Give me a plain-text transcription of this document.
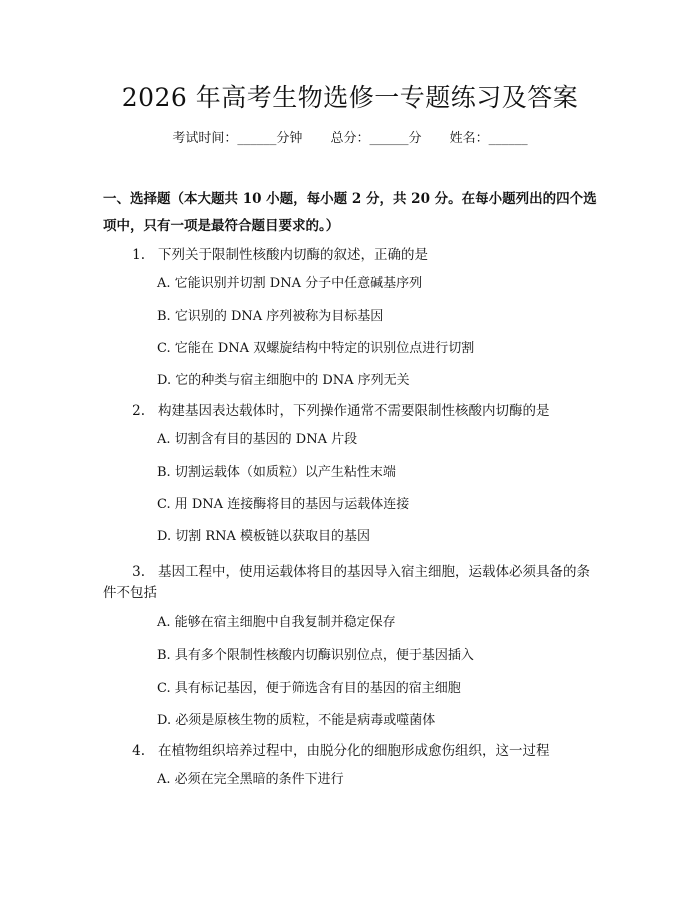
2026 年高考生物选修一专题练习及答案
考试时间：______分钟 总分：______分 姓名：______
一、选择题（本大题共 10 小题，每小题 2 分，共 20 分。在每小题列出的四个选项中，只有一项是最符合题目要求的。）
1. 下列关于限制性核酸内切酶的叙述，正确的是
A. 它能识别并切割 DNA 分子中任意碱基序列
B. 它识别的 DNA 序列被称为目标基因
C. 它能在 DNA 双螺旋结构中特定的识别位点进行切割
D. 它的种类与宿主细胞中的 DNA 序列无关
2. 构建基因表达载体时，下列操作通常不需要限制性核酸内切酶的是
A. 切割含有目的基因的 DNA 片段
B. 切割运载体（如质粒）以产生粘性末端
C. 用 DNA 连接酶将目的基因与运载体连接
D. 切割 RNA 模板链以获取目的基因
3. 基因工程中，使用运载体将目的基因导入宿主细胞，运载体必须具备的条
件不包括
A. 能够在宿主细胞中自我复制并稳定保存
B. 具有多个限制性核酸内切酶识别位点，便于基因插入
C. 具有标记基因，便于筛选含有目的基因的宿主细胞
D. 必须是原核生物的质粒，不能是病毒或噬菌体
4. 在植物组织培养过程中，由脱分化的细胞形成愈伤组织，这一过程
A. 必须在完全黑暗的条件下进行
